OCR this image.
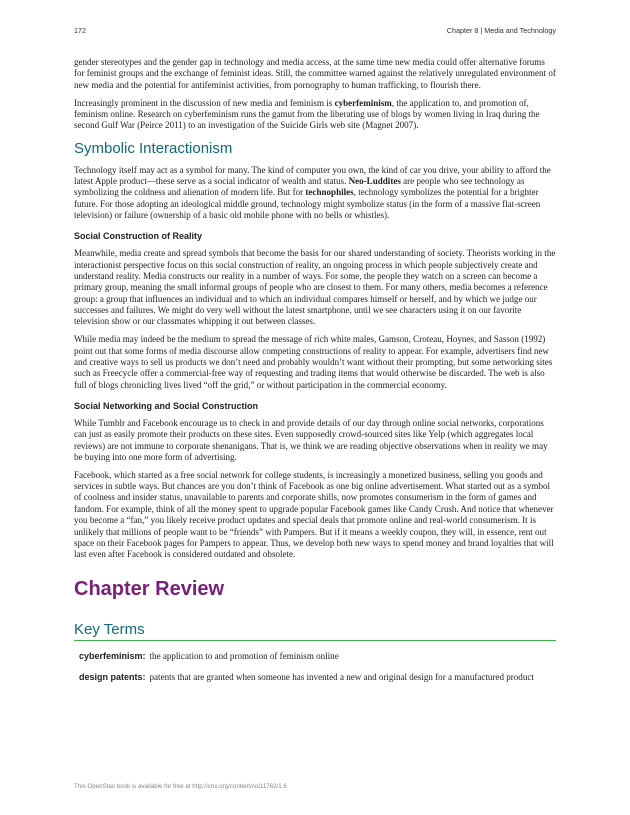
172	Chapter 8 | Media and Technology

gender stereotypes and the gender gap in technology and media access, at the same time new media could offer alternative forums for feminist groups and the exchange of feminist ideas. Still, the committee warned against the relatively unregulated environment of new media and the potential for antifeminist activities, from pornography to human trafficking, to flourish there.

Increasingly prominent in the discussion of new media and feminism is cyberfeminism, the application to, and promotion of, feminism online. Research on cyberfeminism runs the gamut from the liberating use of blogs by women living in Iraq during the second Gulf War (Peirce 2011) to an investigation of the Suicide Girls web site (Magnet 2007).

Symbolic Interactionism

Technology itself may act as a symbol for many. The kind of computer you own, the kind of car you drive, your ability to afford the latest Apple product—these serve as a social indicator of wealth and status. Neo-Luddites are people who see technology as symbolizing the coldness and alienation of modern life. But for technophiles, technology symbolizes the potential for a brighter future. For those adopting an ideological middle ground, technology might symbolize status (in the form of a massive flat-screen television) or failure (ownership of a basic old mobile phone with no bells or whistles).

Social Construction of Reality

Meanwhile, media create and spread symbols that become the basis for our shared understanding of society. Theorists working in the interactionist perspective focus on this social construction of reality, an ongoing process in which people subjectively create and understand reality. Media constructs our reality in a number of ways. For some, the people they watch on a screen can become a primary group, meaning the small informal groups of people who are closest to them. For many others, media becomes a reference group: a group that influences an individual and to which an individual compares himself or herself, and by which we judge our successes and failures. We might do very well without the latest smartphone, until we see characters using it on our favorite television show or our classmates whipping it out between classes.

While media may indeed be the medium to spread the message of rich white males, Gamson, Croteau, Hoynes, and Sasson (1992) point out that some forms of media discourse allow competing constructions of reality to appear. For example, advertisers find new and creative ways to sell us products we don’t need and probably wouldn’t want without their prompting, but some networking sites such as Freecycle offer a commercial-free way of requesting and trading items that would otherwise be discarded. The web is also full of blogs chronicling lives lived “off the grid,” or without participation in the commercial economy.

Social Networking and Social Construction

While Tumblr and Facebook encourage us to check in and provide details of our day through online social networks, corporations can just as easily promote their products on these sites. Even supposedly crowd-sourced sites like Yelp (which aggregates local reviews) are not immune to corporate shenanigans. That is, we think we are reading objective observations when in reality we may be buying into one more form of advertising.

Facebook, which started as a free social network for college students, is increasingly a monetized business, selling you goods and services in subtle ways. But chances are you don’t think of Facebook as one big online advertisement. What started out as a symbol of coolness and insider status, unavailable to parents and corporate shills, now promotes consumerism in the form of games and fandom. For example, think of all the money spent to upgrade popular Facebook games like Candy Crush. And notice that whenever you become a “fan,” you likely receive product updates and special deals that promote online and real-world consumerism. It is unlikely that millions of people want to be “friends” with Pampers. But if it means a weekly coupon, they will, in essence, rent out space on their Facebook pages for Pampers to appear. Thus, we develop both new ways to spend money and brand loyalties that will last even after Facebook is considered outdated and obsolete.

Chapter Review
Key Terms
cyberfeminism: the application to and promotion of feminism online
design patents: patents that are granted when someone has invented a new and original design for a manufactured product
This OpenStax book is available for free at http://cnx.org/content/col11762/1.6
